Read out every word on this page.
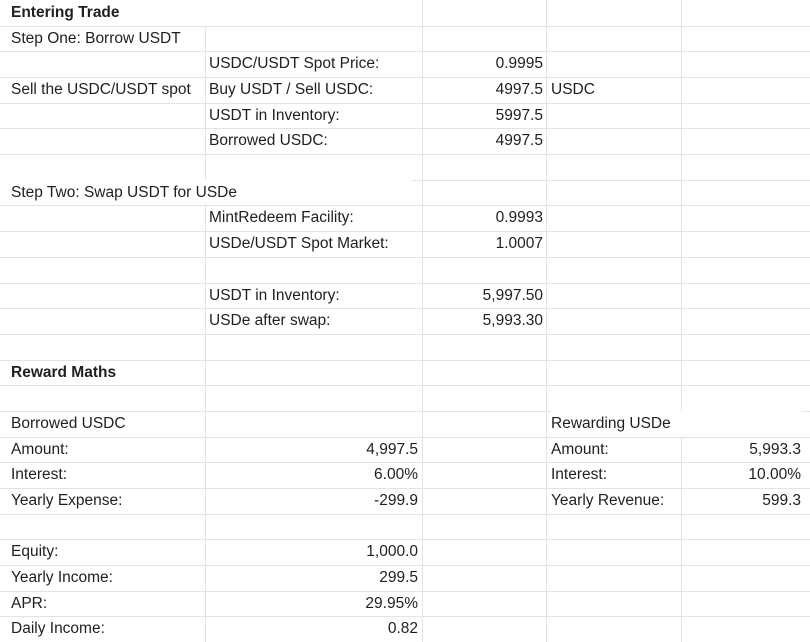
Entering Trade
Step One: Borrow USDT
USDC/USDT Spot Price:	0.9995
Sell the USDC/USDT spot	Buy USDT / Sell USDC:	4997.5 USDC
USDT in Inventory:	5997.5
Borrowed USDC:	4997.5
Step Two: Swap USDT for USDe
MintRedeem Facility:	0.9993
USDe/USDT Spot Market:	1.0007
USDT in Inventory:	5,997.50
USDe after swap:	5,993.30
Reward Maths
Borrowed USDC	Rewarding USDe
Amount:	4,997.5	Amount:	5,993.3
Interest:	6.00%	Interest:	10.00%
Yearly Expense:	-299.9	Yearly Revenue:	599.3
Equity:	1,000.0
Yearly Income:	299.5
APR:	29.95%
Daily Income:	0.82
